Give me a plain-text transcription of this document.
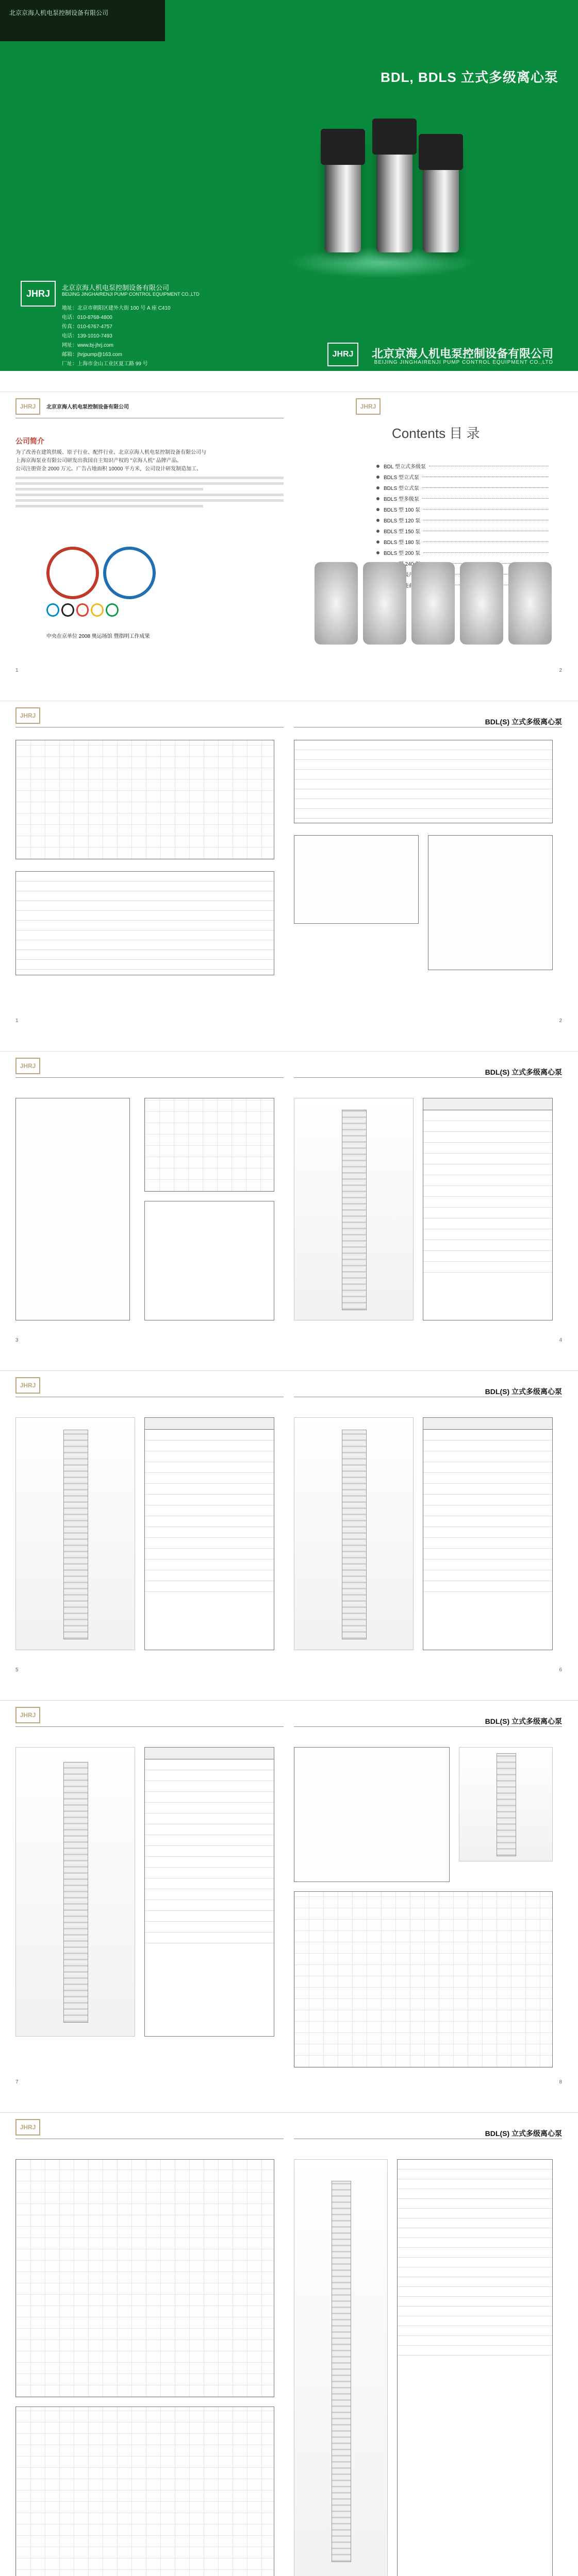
北京京海人机电泵控制设备有限公司
BDL, BDLS 立式多级离心泵
JHRJ
北京京海人机电泵控制设备有限公司
BEIJING JINGHAIRENJI PUMP CONTROL EQUIPMENT CO.,LTD
地址：北京市朝阳区建外大街 100 号 A 座 C410
电话：010-8768-4800
传真：010-6767-4757
电话：139-1010-7493
网址：www.bj-jhrj.com
邮箱：jhrjpump@163.com
厂址：上海市金山工业区夏工路 99 号
JHRJ	北京京海人机电泵控制设备有限公司
BEIJING JINGHAIRENJI PUMP CONTROL EQUIPMENT CO.,LTD
JHRJ	北京京海人机电泵控制设备有限公司
公司简介
为了改善在建筑供暖、原子行业、配件行业、北京京海人机电泵控制设备有限公司与
上海京海泵业有限公司研发出我国自主知识产权的 "京海人机" 品牌产品。
公司注册资金 2000 万元。广告占地面积 10000 平方米，公司设计研发制造加工、
中央在京单位 2008 奥运场馆 暨指明工作成果
1
JHRJ
Contents 目 录
BDL 型立式多级泵
BDLS 型立式泵
BDLS 型立式泵
BDLS 型多级泵
BDLS 型 100 泵
BDLS 型 120 泵
BDLS 型 150 泵
BDLS 型 180 泵
BDLS 型 200 泵
240
安装尺寸
性能曲线
2
JHRJ
1
BDL(S) 立式多级离心泵
2
JHRJ
3
BDL(S) 立式多级离心泵
4
JHRJ
5
BDL(S) 立式多级离心泵
6
JHRJ
7
BDL(S) 立式多级离心泵
8
JHRJ
BDL(S) 立式多级离心泵
